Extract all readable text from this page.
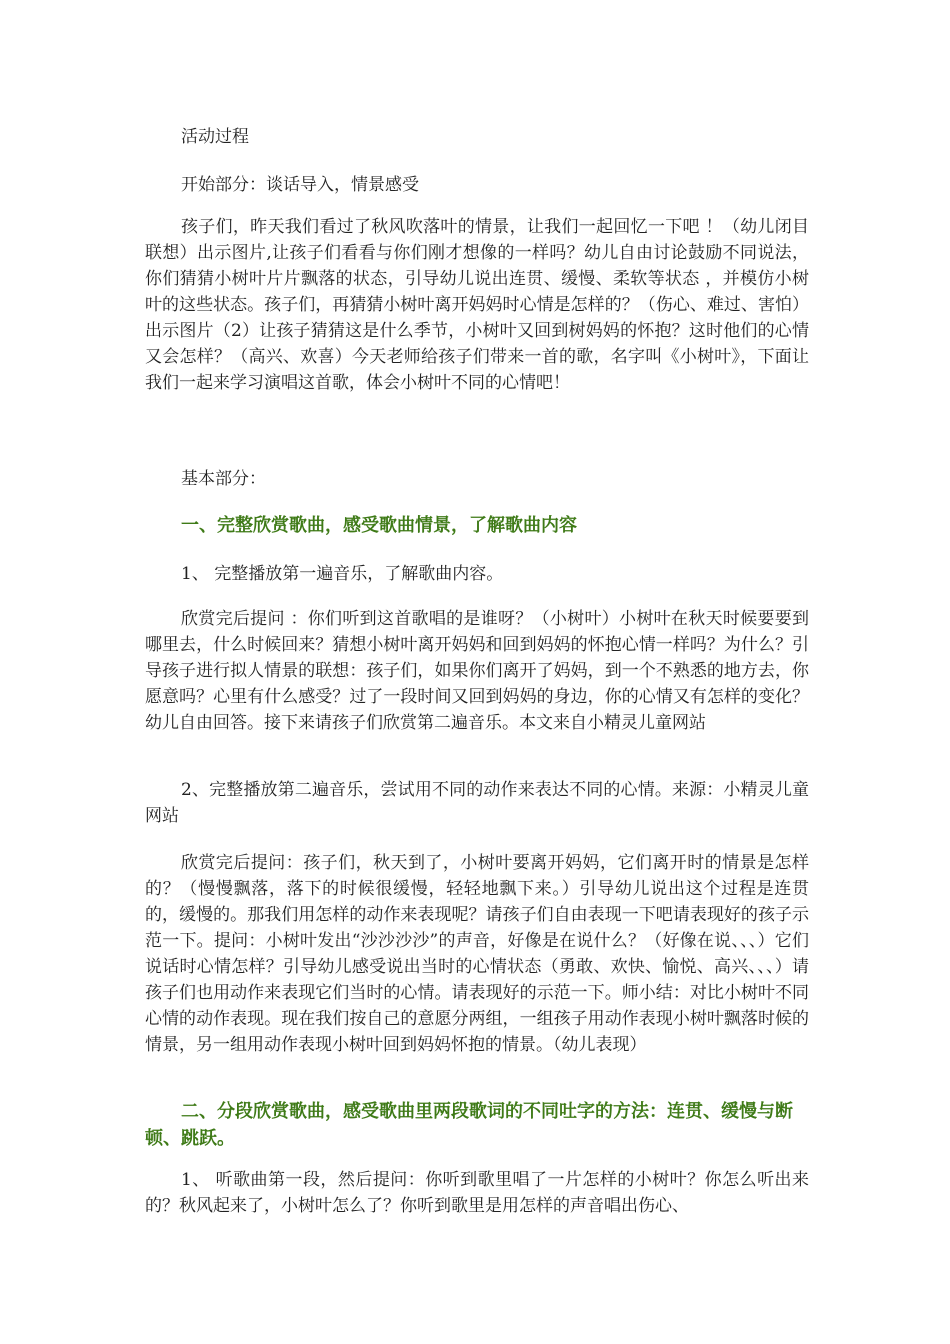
活动过程

开始部分：谈话导入，情景感受

孩子们，昨天我们看过了秋风吹落叶的情景，让我们一起回忆一下吧 ！（幼儿闭目联想）出示图片,让孩子们看看与你们刚才想像的一样吗？幼儿自由讨论鼓励不同说法，你们猜猜小树叶片片飘落的状态，引导幼儿说出连贯、缓慢、柔软等状态 ，并模仿小树叶的这些状态。孩子们，再猜猜小树叶离开妈妈时心情是怎样的？（伤心、难过、害怕）出示图片（2）让孩子猜猜这是什么季节，小树叶又回到树妈妈的怀抱？这时他们的心情又会怎样？（高兴、欢喜）今天老师给孩子们带来一首的歌，名字叫《小树叶》，下面让我们一起来学习演唱这首歌，体会小树叶不同的心情吧！

基本部分：

一、完整欣赏歌曲，感受歌曲情景，了解歌曲内容

1、 完整播放第一遍音乐，了解歌曲内容。

欣赏完后提问 ：你们听到这首歌唱的是谁呀？（小树叶）小树叶在秋天时候要要到哪里去，什么时候回来？猜想小树叶离开妈妈和回到妈妈的怀抱心情一样吗？为什么？引导孩子进行拟人情景的联想：孩子们，如果你们离开了妈妈，到一个不熟悉的地方去，你愿意吗？心里有什么感受？过了一段时间又回到妈妈的身边，你的心情又有怎样的变化？幼儿自由回答。接下来请孩子们欣赏第二遍音乐。本文来自小精灵儿童网站

2、完整播放第二遍音乐，尝试用不同的动作来表达不同的心情。来源：小精灵儿童网站

欣赏完后提问：孩子们，秋天到了，小树叶要离开妈妈，它们离开时的情景是怎样的？（慢慢飘落，落下的时候很缓慢，轻轻地飘下来。）引导幼儿说出这个过程是连贯的，缓慢的。那我们用怎样的动作来表现呢？请孩子们自由表现一下吧请表现好的孩子示范一下。提问：小树叶发出“沙沙沙沙”的声音，好像是在说什么？（好像在说、、、）它们说话时心情怎样？引导幼儿感受说出当时的心情状态（勇敢、欢快、愉悦、高兴、、、）请孩子们也用动作来表现它们当时的心情。请表现好的示范一下。师小结：对比小树叶不同心情的动作表现。现在我们按自己的意愿分两组，一组孩子用动作表现小树叶飘落时候的情景，另一组用动作表现小树叶回到妈妈怀抱的情景。（幼儿表现）

二、分段欣赏歌曲，感受歌曲里两段歌词的不同吐字的方法：连贯、缓慢与断顿、跳跃。

1、 听歌曲第一段，然后提问：你听到歌里唱了一片怎样的小树叶？你怎么听出来的？秋风起来了，小树叶怎么了？你听到歌里是用怎样的声音唱出伤心、
